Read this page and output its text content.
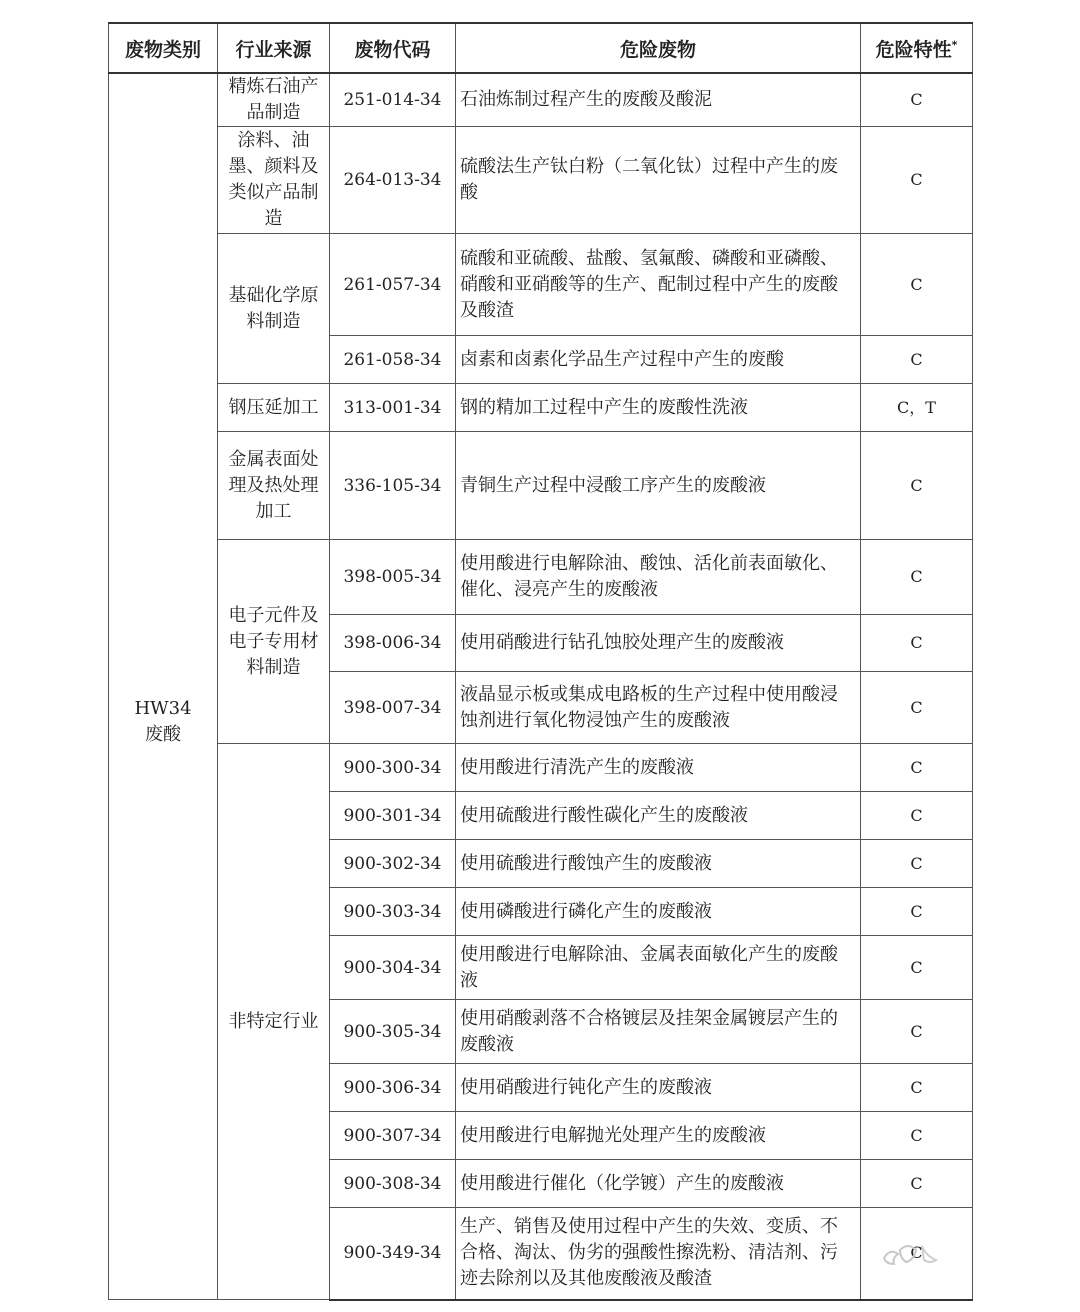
废物类别	行业来源	废物代码	危险废物	危险特性*

HW34
废酸	精炼石油产品制造	251-014-34	石油炼制过程产生的废酸及酸泥	C
	涂料、油墨、颜料及类似产品制造	264-013-34	硫酸法生产钛白粉（二氧化钛）过程中产生的废酸	C
	基础化学原料制造	261-057-34	硫酸和亚硫酸、盐酸、氢氟酸、磷酸和亚磷酸、硝酸和亚硝酸等的生产、配制过程中产生的废酸及酸渣	C
		261-058-34	卤素和卤素化学品生产过程中产生的废酸	C
	钢压延加工	313-001-34	钢的精加工过程中产生的废酸性洗液	C，T
	金属表面处理及热处理加工	336-105-34	青铜生产过程中浸酸工序产生的废酸液	C
	电子元件及电子专用材料制造	398-005-34	使用酸进行电解除油、酸蚀、活化前表面敏化、催化、浸亮产生的废酸液	C
		398-006-34	使用硝酸进行钻孔蚀胶处理产生的废酸液	C
		398-007-34	液晶显示板或集成电路板的生产过程中使用酸浸蚀剂进行氧化物浸蚀产生的废酸液	C
	非特定行业	900-300-34	使用酸进行清洗产生的废酸液	C
		900-301-34	使用硫酸进行酸性碳化产生的废酸液	C
		900-302-34	使用硫酸进行酸蚀产生的废酸液	C
		900-303-34	使用磷酸进行磷化产生的废酸液	C
		900-304-34	使用酸进行电解除油、金属表面敏化产生的废酸液	C
		900-305-34	使用硝酸剥落不合格镀层及挂架金属镀层产生的废酸液	C
		900-306-34	使用硝酸进行钝化产生的废酸液	C
		900-307-34	使用酸进行电解抛光处理产生的废酸液	C
		900-308-34	使用酸进行催化（化学镀）产生的废酸液	C
		900-349-34	生产、销售及使用过程中产生的失效、变质、不合格、淘汰、伪劣的强酸性擦洗粉、清洁剂、污迹去除剂以及其他废酸液及酸渣	C
